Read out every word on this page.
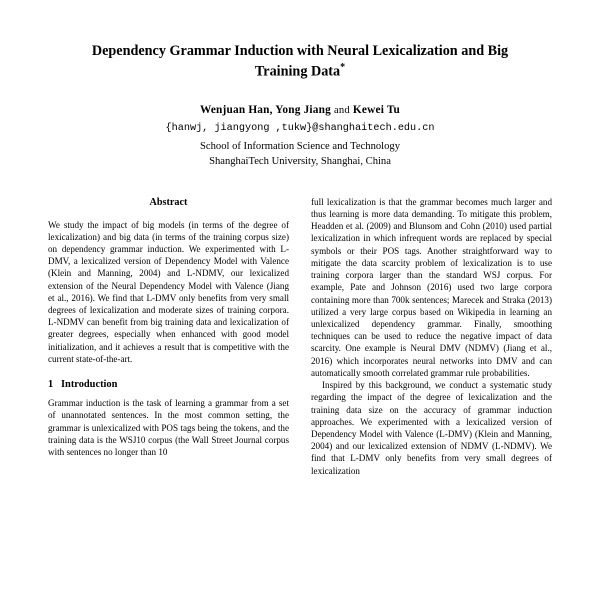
Dependency Grammar Induction with Neural Lexicalization and Big
Training Data*
Wenjuan Han, Yong Jiang and Kewei Tu
{hanwj, jiangyong ,tukw}@shanghaitech.edu.cn
School of Information Science and Technology
ShanghaiTech University, Shanghai, China
Abstract

We study the impact of big models (in terms of the degree of lexicalization) and big data (in terms of the training corpus size) on dependency grammar induction. We experimented with L-DMV, a lexicalized version of Dependency Model with Valence (Klein and Manning, 2004) and L-NDMV, our lexicalized extension of the Neural Dependency Model with Valence (Jiang et al., 2016). We find that L-DMV only benefits from very small degrees of lexicalization and moderate sizes of training corpora. L-NDMV can benefit from big training data and lexicalization of greater degrees, especially when enhanced with good model initialization, and it achieves a result that is competitive with the current state-of-the-art.

1 Introduction

Grammar induction is the task of learning a grammar from a set of unannotated sentences. In the most common setting, the grammar is unlexicalized with POS tags being the tokens, and the training data is the WSJ10 corpus (the Wall Street Journal corpus with sentences no longer than 10

full lexicalization is that the grammar becomes much larger and thus learning is more data demanding. To mitigate this problem, Headden et al. (2009) and Blunsom and Cohn (2010) used partial lexicalization in which infrequent words are replaced by special symbols or their POS tags. Another straightforward way to mitigate the data scarcity problem of lexicalization is to use training corpora larger than the standard WSJ corpus. For example, Pate and Johnson (2016) used two large corpora containing more than 700k sentences; Marecek and Straka (2013) utilized a very large corpus based on Wikipedia in learning an unlexicalized dependency grammar. Finally, smoothing techniques can be used to reduce the negative impact of data scarcity. One example is Neural DMV (NDMV) (Jiang et al., 2016) which incorporates neural networks into DMV and can automatically smooth correlated grammar rule probabilities.

Inspired by this background, we conduct a systematic study regarding the impact of the degree of lexicalization and the training data size on the accuracy of grammar induction approaches. We experimented with a lexicalized version of Dependency Model with Valence (L-DMV) (Klein and Manning, 2004) and our lexicalized extension of NDMV (L-NDMV). We find that L-DMV only benefits from very small degrees of lexicalization
